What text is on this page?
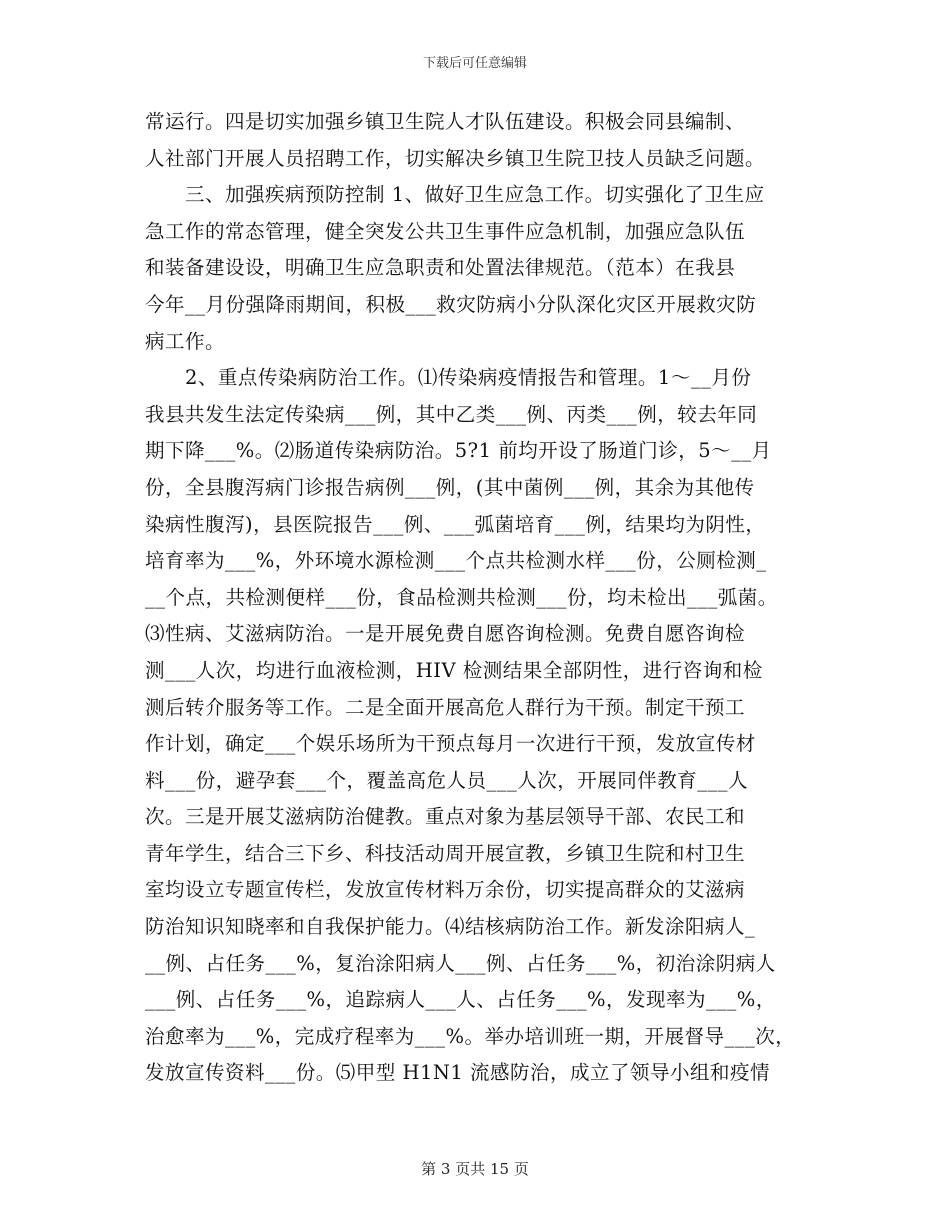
下载后可任意编辑
常运行。四是切实加强乡镇卫生院人才队伍建设。积极会同县编制、
人社部门开展人员招聘工作，切实解决乡镇卫生院卫技人员缺乏问题。
　　三、加强疾病预防控制 1、做好卫生应急工作。切实强化了卫生应
急工作的常态管理，健全突发公共卫生事件应急机制，加强应急队伍
和装备建设设，明确卫生应急职责和处置法律规范。（范本）在我县
今年__月份强降雨期间，积极___救灾防病小分队深化灾区开展救灾防
病工作。
　　2、重点传染病防治工作。⑴传染病疫情报告和管理。1～__月份
我县共发生法定传染病___例，其中乙类___例、丙类___例，较去年同
期下降___%。⑵肠道传染病防治。5?1 前均开设了肠道门诊，5～__月
份，全县腹泻病门诊报告病例___例，(其中菌例___例，其余为其他传
染病性腹泻)，县医院报告___例、___弧菌培育___例，结果均为阴性，
培育率为___%，外环境水源检测___个点共检测水样___份，公厕检测_
__个点，共检测便样___份，食品检测共检测___份，均未检出___弧菌。
⑶性病、艾滋病防治。一是开展免费自愿咨询检测。免费自愿咨询检
测___人次，均进行血液检测，HIV 检测结果全部阴性，进行咨询和检
测后转介服务等工作。二是全面开展高危人群行为干预。制定干预工
作计划，确定___个娱乐场所为干预点每月一次进行干预，发放宣传材
料___份，避孕套___个，覆盖高危人员___人次，开展同伴教育___人
次。三是开展艾滋病防治健教。重点对象为基层领导干部、农民工和
青年学生，结合三下乡、科技活动周开展宣教，乡镇卫生院和村卫生
室均设立专题宣传栏，发放宣传材料万余份，切实提高群众的艾滋病
防治知识知晓率和自我保护能力。⑷结核病防治工作。新发涂阳病人_
__例、占任务___%，复治涂阳病人___例、占任务___%，初治涂阴病人
___例、占任务___%，追踪病人___人、占任务___%，发现率为___%，
治愈率为___%，完成疗程率为___%。举办培训班一期，开展督导___次，
发放宣传资料___份。⑸甲型 H1N1 流感防治，成立了领导小组和疫情
第 3 页共 15 页
